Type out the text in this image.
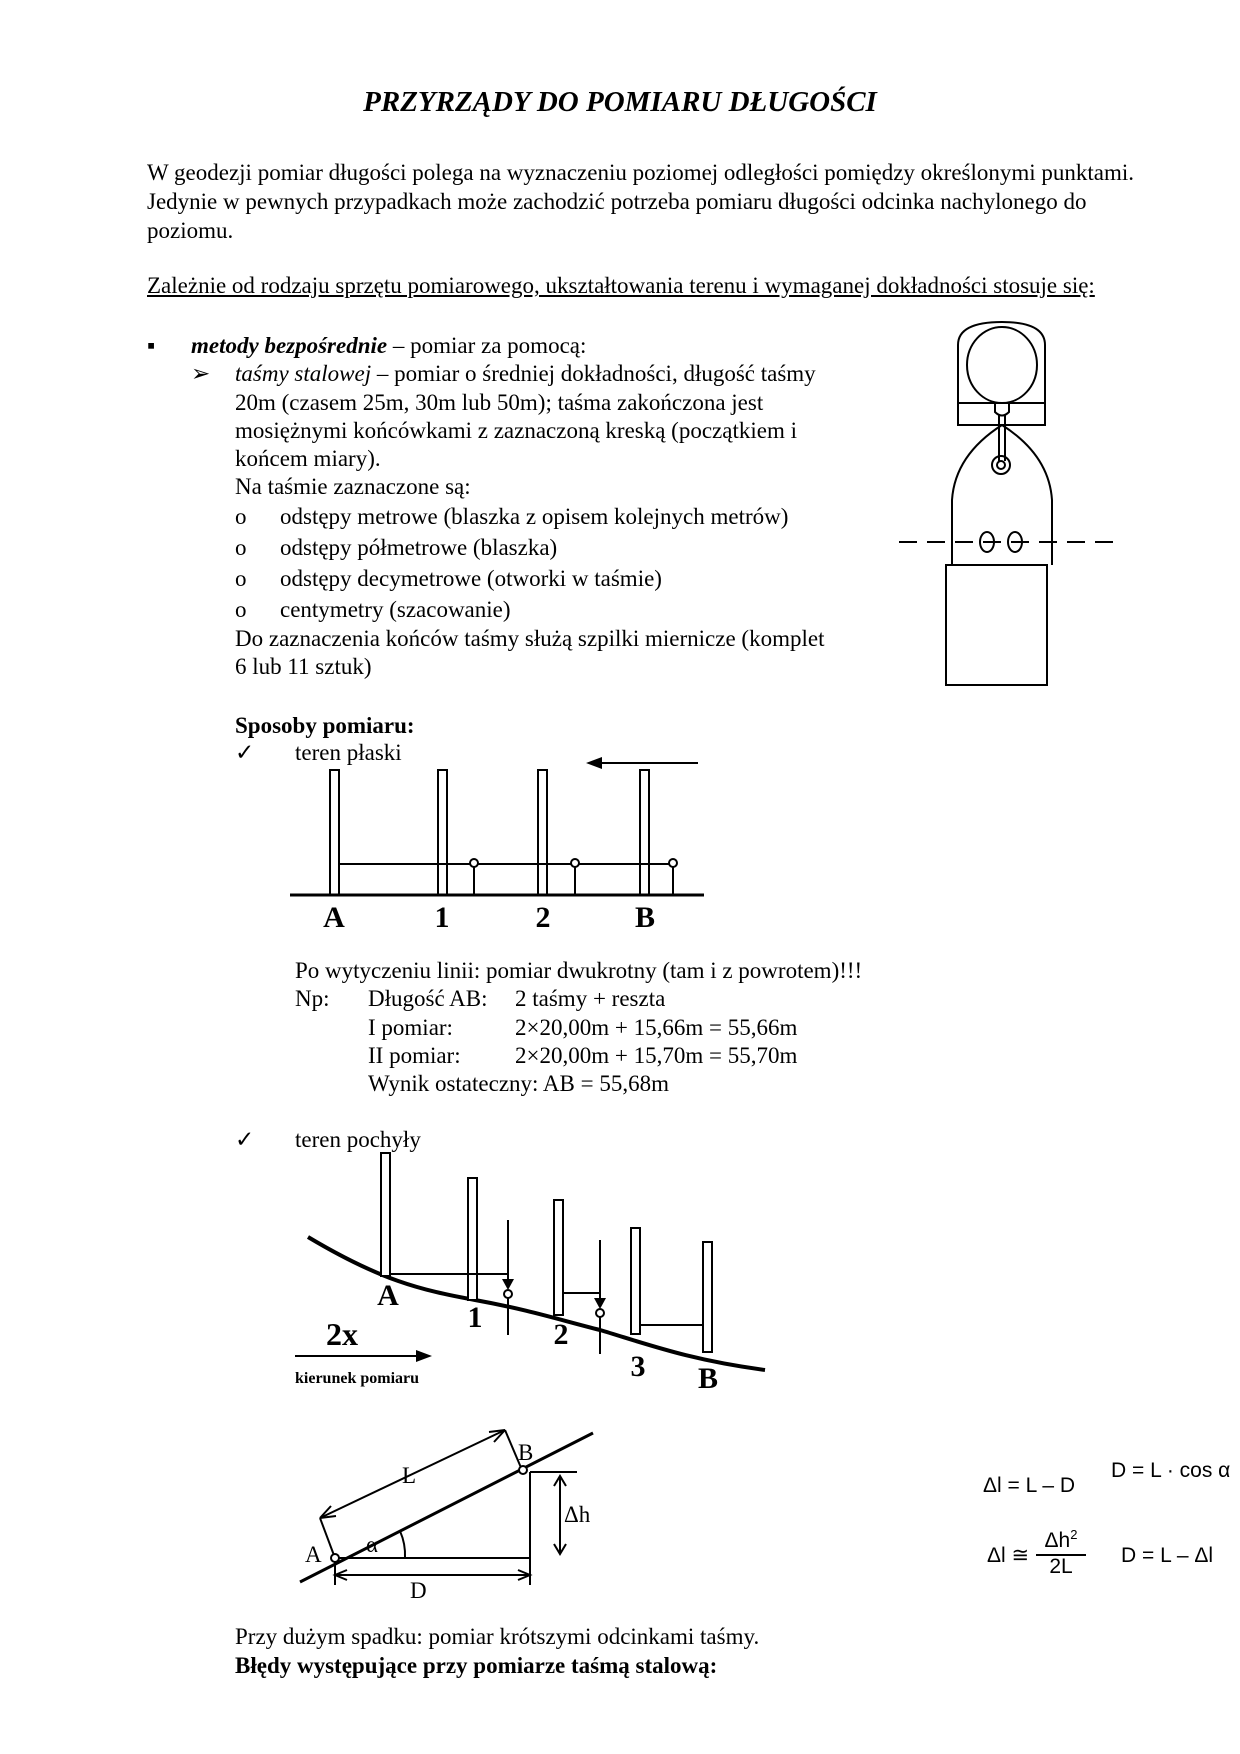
PRZYRZĄDY DO POMIARU DŁUGOŚCI
W geodezji pomiar długości polega na wyznaczeniu poziomej odległości pomiędzy określonymi punktami. Jedynie w pewnych przypadkach może zachodzić potrzeba pomiaru długości odcinka nachylonego do poziomu.
Zależnie od rodzaju sprzętu pomiarowego, ukształtowania terenu i wymaganej dokładności stosuje się:
▪ metody bezpośrednie – pomiar za pomocą:
➢ taśmy stalowej – pomiar o średniej dokładności, długość taśmy
20m (czasem 25m, 30m lub 50m); taśma zakończona jest
mosiężnymi końcówkami z zaznaczoną kreską (początkiem i
końcem miary).
Na taśmie zaznaczone są:
o odstępy metrowe (blaszka z opisem kolejnych metrów)
o odstępy półmetrowe (blaszka)
o odstępy decymetrowe (otworki w taśmie)
o centymetry (szacowanie)
Do zaznaczenia końców taśmy służą szpilki miernicze (komplet
6 lub 11 sztuk)
Sposoby pomiaru:
✓ teren płaski
A	1	2	B
Po wytyczeniu linii: pomiar dwukrotny (tam i z powrotem)!!!
Np: Długość AB: 2 taśmy + reszta
I pomiar:	2×20,00m + 15,66m = 55,66m
II pomiar: 2×20,00m + 15,70m = 55,70m
Wynik ostateczny: AB = 55,68m
✓ teren pochyły
A
1
2
3 B
2x
kierunek pomiaru
L
B
A α
Δh
D
Δl = L – D
D = L · cos α
Δl ≅
$\Delta h^2$
2L	D = L – Δl
Przy dużym spadku: pomiar krótszymi odcinkami taśmy.
Błędy występujące przy pomiarze taśmą stalową:
